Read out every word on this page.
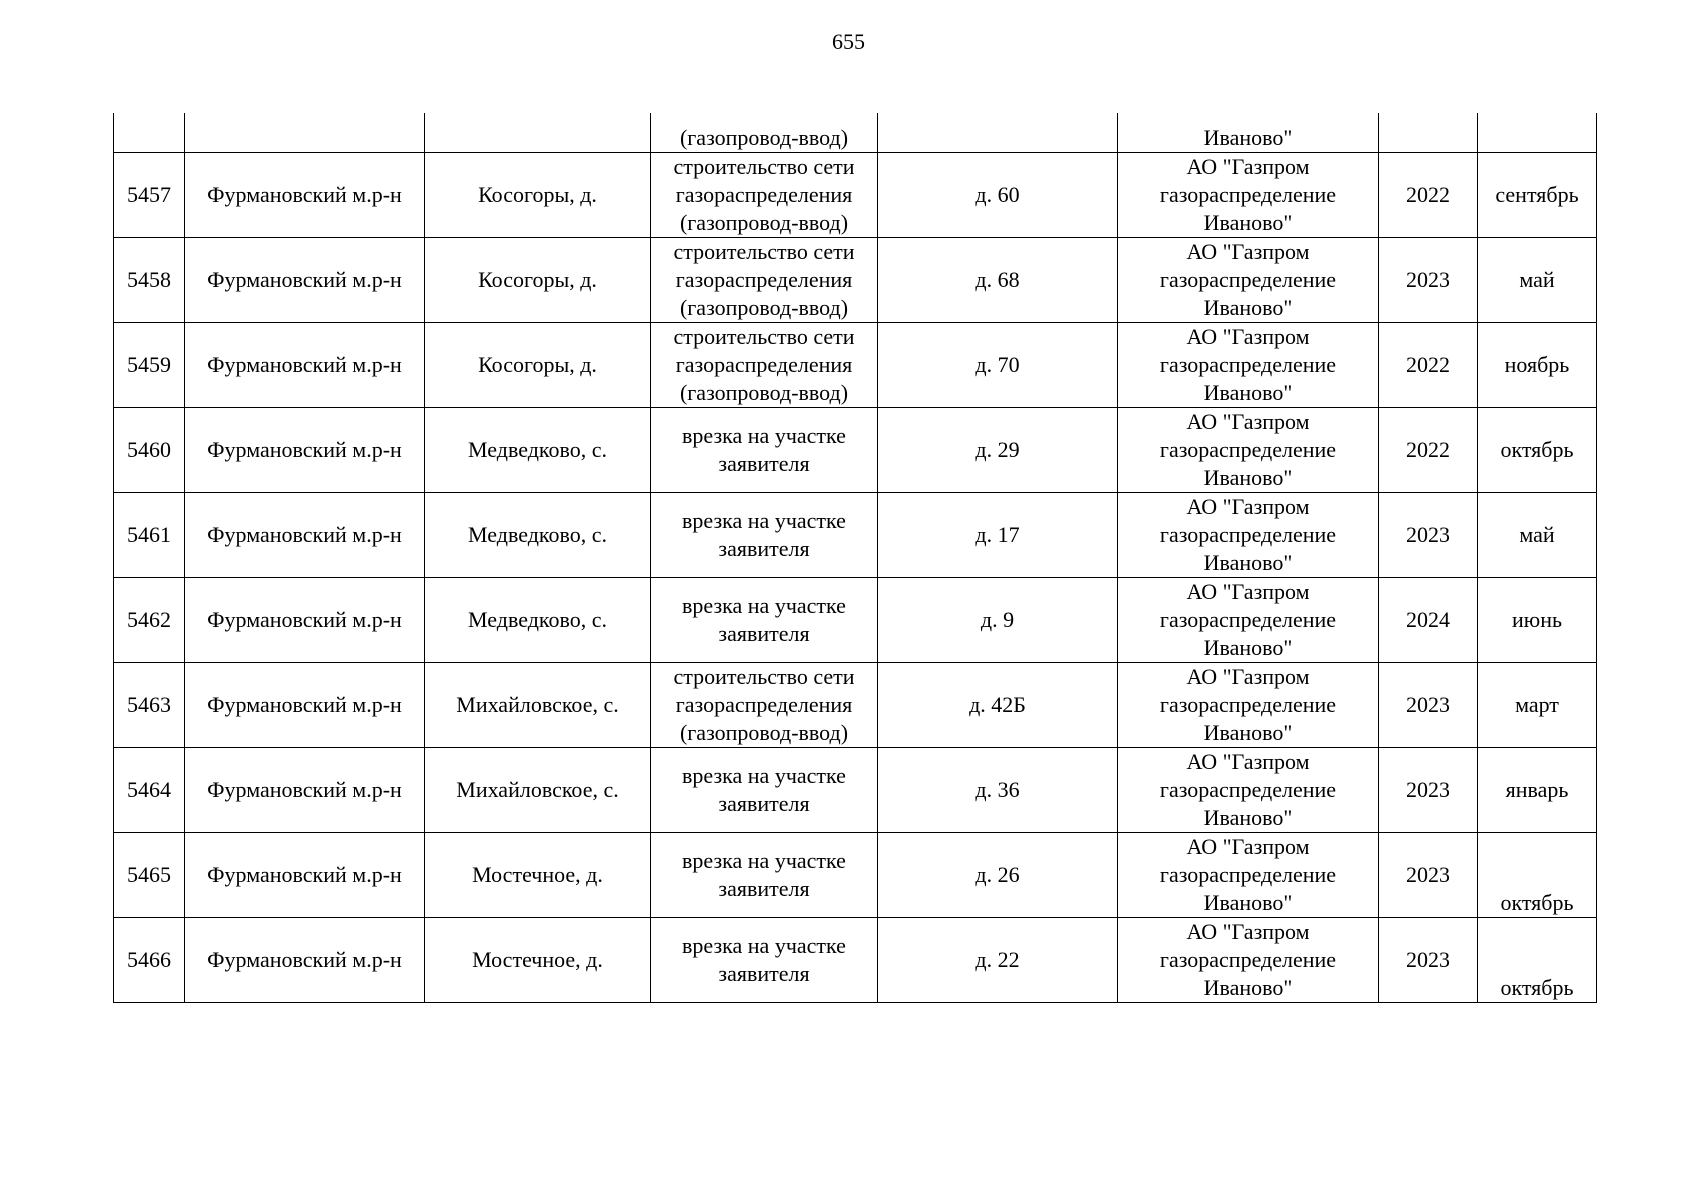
655
			(газопровод-ввод)		Иваново"		
5457	Фурмановский м.р-н	Косогоры, д.	строительство сети
газораспределения
(газопровод-ввод)	д. 60	АО "Газпром
газораспределение
Иваново"	2022	сентябрь
5458	Фурмановский м.р-н	Косогоры, д.	строительство сети
газораспределения
(газопровод-ввод)	д. 68	АО "Газпром
газораспределение
Иваново"	2023	май
5459	Фурмановский м.р-н	Косогоры, д.	строительство сети
газораспределения
(газопровод-ввод)	д. 70	АО "Газпром
газораспределение
Иваново"	2022	ноябрь
5460	Фурмановский м.р-н	Медведково, с.	врезка на участке
заявителя	д. 29	АО "Газпром
газораспределение
Иваново"	2022	октябрь
5461	Фурмановский м.р-н	Медведково, с.	врезка на участке
заявителя	д. 17	АО "Газпром
газораспределение
Иваново"	2023	май
5462	Фурмановский м.р-н	Медведково, с.	врезка на участке
заявителя	д. 9	АО "Газпром
газораспределение
Иваново"	2024	июнь
5463	Фурмановский м.р-н	Михайловское, с.	строительство сети
газораспределения
(газопровод-ввод)	д. 42Б	АО "Газпром
газораспределение
Иваново"	2023	март
5464	Фурмановский м.р-н	Михайловское, с.	врезка на участке
заявителя	д. 36	АО "Газпром
газораспределение
Иваново"	2023	январь
5465	Фурмановский м.р-н	Мостечное, д.	врезка на участке
заявителя	д. 26	АО "Газпром
газораспределение
Иваново"	2023	октябрь
5466	Фурмановский м.р-н	Мостечное, д.	врезка на участке
заявителя	д. 22	АО "Газпром
газораспределение
Иваново"	2023	октябрь
